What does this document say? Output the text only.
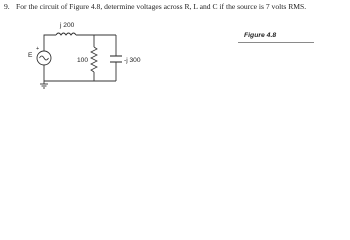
9. For the circuit of Figure 4.8, determine voltages across R, L and C if the source is 7 volts RMS.
Figure 4.8
E
+
j 200
100	-j 300
